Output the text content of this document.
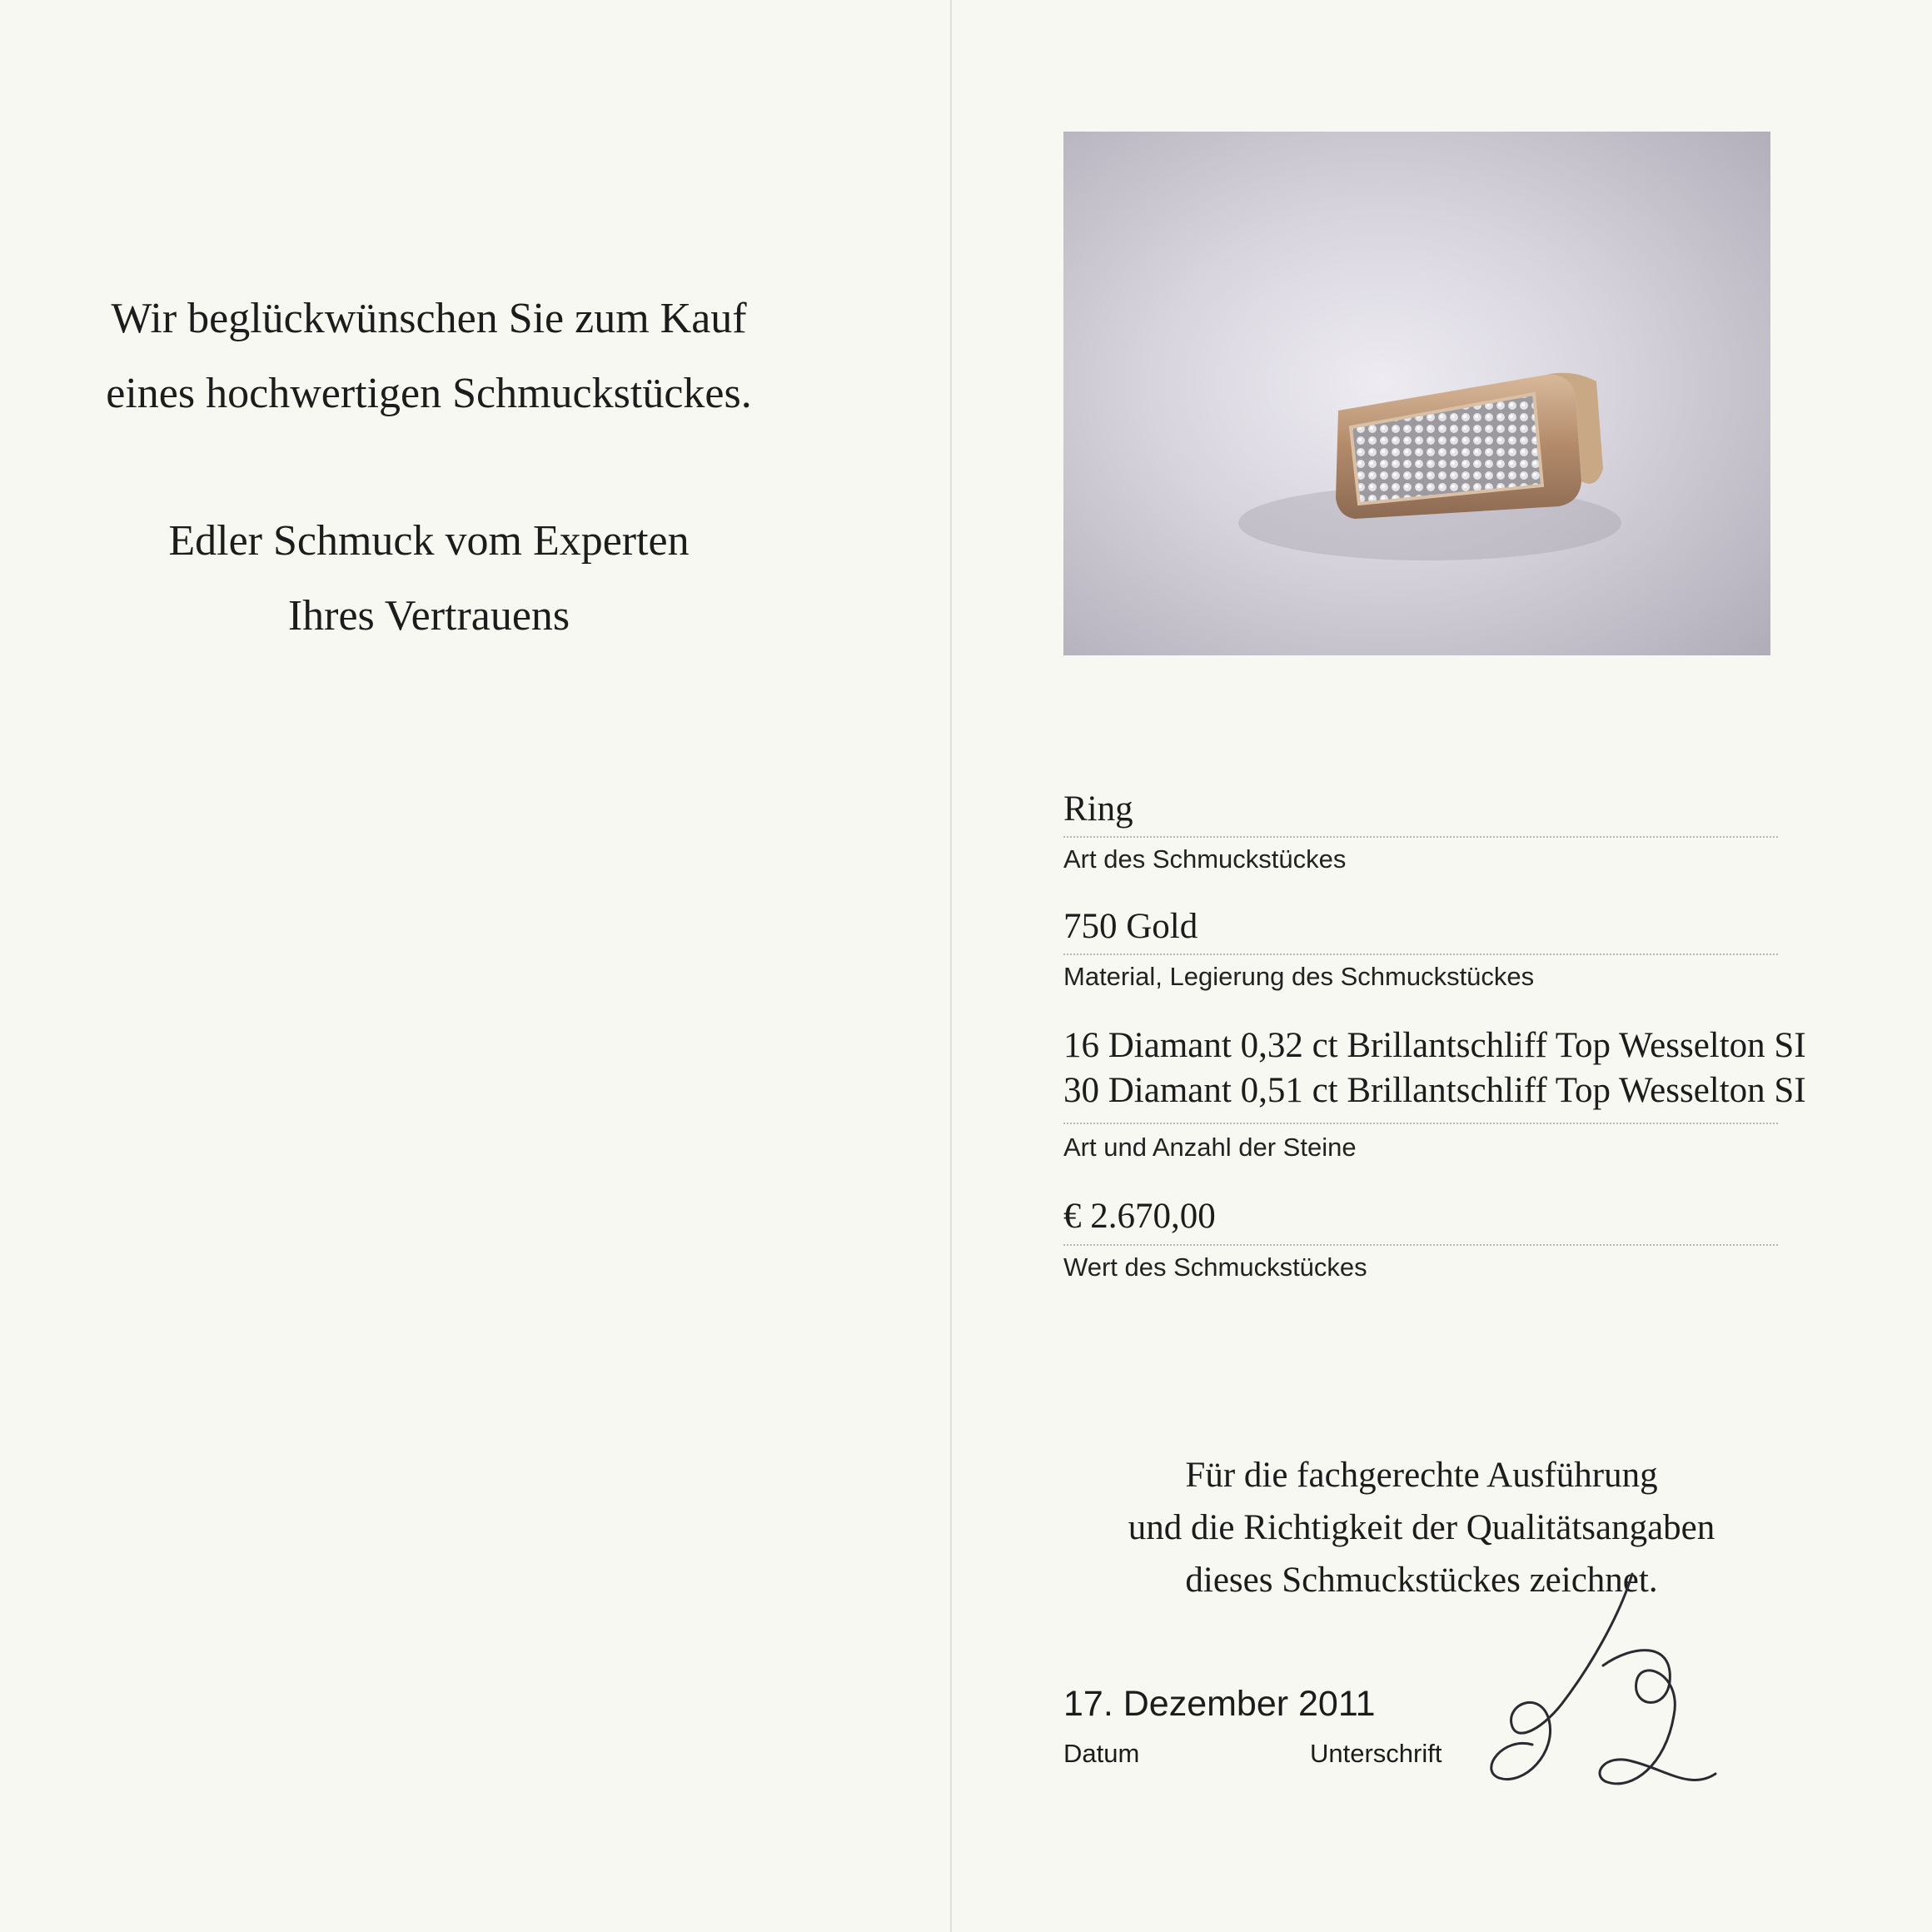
Wir beglückwünschen Sie zum Kauf
eines hochwertigen Schmuckstückes.
Edler Schmuck vom Experten
Ihres Vertrauens
Ring
Art des Schmuckstückes
750 Gold
Material, Legierung des Schmuckstückes
16 Diamant 0,32 ct Brillantschliff Top Wesselton SI
30 Diamant 0,51 ct Brillantschliff Top Wesselton SI
Art und Anzahl der Steine
€ 2.670,00
Wert des Schmuckstückes
Für die fachgerechte Ausführung
und die Richtigkeit der Qualitätsangaben
dieses Schmuckstückes zeichnet.
17. Dezember 2011
Datum	Unterschrift
